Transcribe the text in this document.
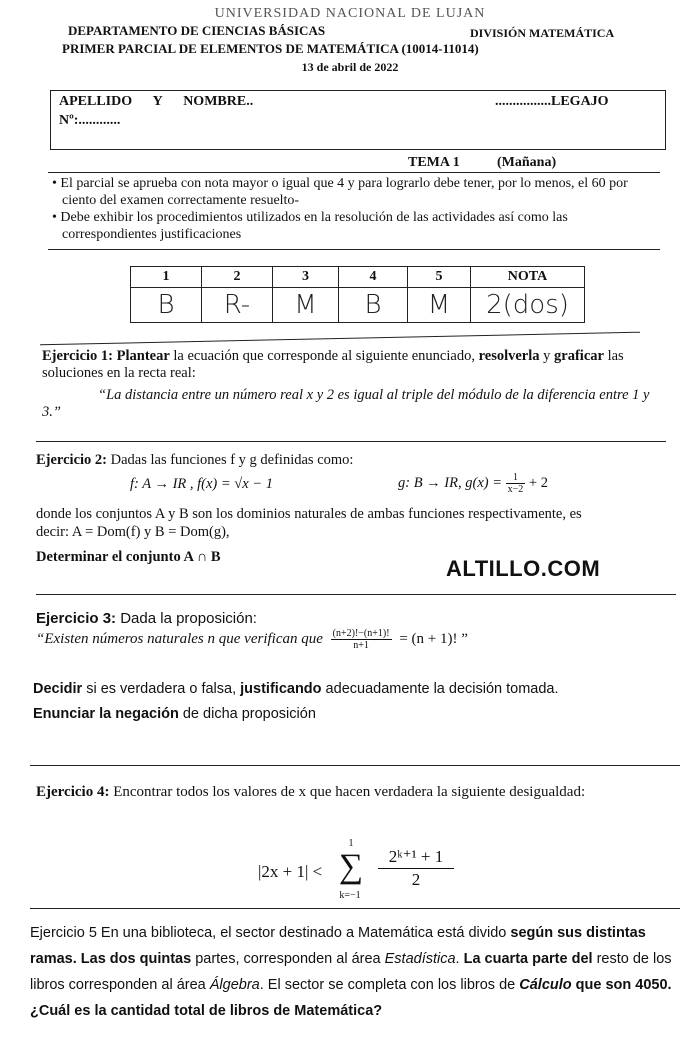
UNIVERSIDAD NACIONAL DE LUJAN
DEPARTAMENTO DE CIENCIAS BÁSICAS	DIVISIÓN MATEMÁTICA
PRIMER PARCIAL DE ELEMENTOS DE MATEMÁTICA (10014-11014)
13 de abril de 2022
APELLIDO      Y      NOMBRE..	................LEGAJO
Nº:............
TEMA 1	(Mañana)
• El parcial se aprueba con nota mayor o igual que 4 y para lograrlo debe tener, por lo menos, el 60 por ciento del examen correctamente resuelto-
• Debe exhibir los procedimientos utilizados en la resolución de las actividades así como las correspondientes justificaciones
1	2	3	4	5	NOTA
B	R-	M	B	M	2(dos)
Ejercicio 1: Plantear la ecuación que corresponde al siguiente enunciado, resolverla y graficar las soluciones en la recta real:
“La distancia entre un número real x y 2 es igual al triple del módulo de la diferencia entre 1 y 3.”
Ejercicio 2: Dadas las funciones f y g definidas como:
f: A → IR , f(x) = √x − 1	g: B → IR, $g(x) = \frac{1}{x-2} + 2$
donde los conjuntos A y B son los dominios naturales de ambas funciones respectivamente, es decir: A = Dom(f) y B = Dom(g),
Determinar el conjunto A ∩ B	ALTILLO.COM
Ejercicio 3: Dada la proposición:
“Existen números naturales n que verifican que $\frac{(n+2)!-(n+1)!}{n+1} = (n + 1)$! ”
Decidir si es verdadera o falsa, justificando adecuadamente la decisión tomada.
Enunciar la negación de dicha proposición
Ejercicio 4: Encontrar todos los valores de x que hacen verdadera la siguiente desigualdad:
|2x + 1| <
1
∑
k=−1
$\frac{\text{2ᵏ⁺¹ + 1}}{2}$
Ejercicio 5 En una biblioteca, el sector destinado a Matemática está divido según sus distintas ramas. Las dos quintas partes, corresponden al área Estadística. La cuarta parte del resto de los libros corresponden al área Álgebra. El sector se completa con los libros de Cálculo que son 4050. ¿Cuál es la cantidad total de libros de Matemática?
